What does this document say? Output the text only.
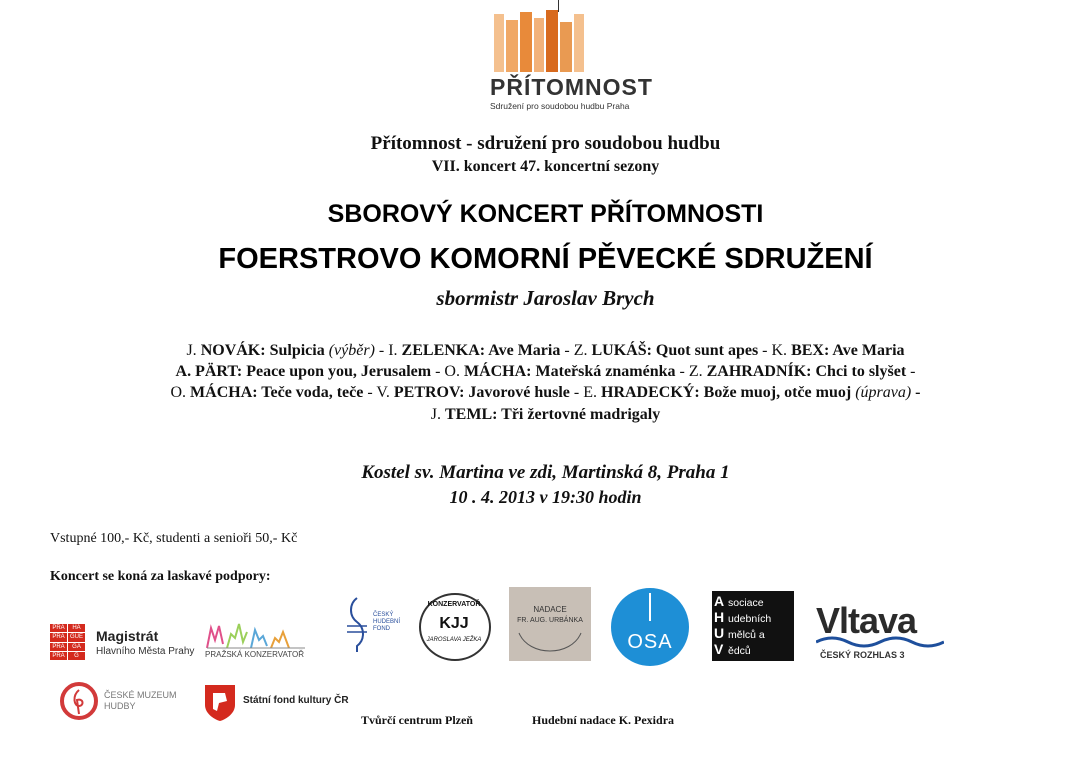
PŘÍTOMNOST
Sdružení pro soudobou hudbu Praha
Přítomnost - sdružení pro soudobou hudbu
VII. koncert 47. koncertní sezony
SBOROVÝ KONCERT PŘÍTOMNOSTI
FOERSTROVO KOMORNÍ PĚVECKÉ SDRUŽENÍ
sbormistr Jaroslav Brych
J. NOVÁK: Sulpicia (výběr) - I. ZELENKA: Ave Maria - Z. LUKÁŠ: Quot sunt apes - K. BEX: Ave Maria
A. PÄRT: Peace upon you, Jerusalem - O. MÁCHA: Mateřská znaménka - Z. ZAHRADNÍK: Chci to slyšet -
O. MÁCHA: Teče voda, teče - V. PETROV: Javorové husle - E. HRADECKÝ: Bože muoj, otče muoj (úprava) -
J. TEML: Tři žertovné madrigaly
Kostel sv. Martina ve zdi, Martinská 8, Praha 1
10 . 4. 2013 v 19:30 hodin
Vstupné 100,- Kč, studenti a senioři 50,- Kč
Koncert se koná za laskavé podpory:
PRA	HA
PRA GUE
PRA	GA
PRA	G
Magistrát
Hlavního Města Prahy PRAŽSKÁ KONZERVATOŘ
ČESKÝ HUDEBNÍ FOND
KONZERVATOŘ
KJJ
JAROSLAVA JEŽKA
NADACE
FR. AUG. URBÁNKA
OSA
A
H
U
V
sociace
udebních
mělců a
ědců
Vltava
ČESKÝ ROZHLAS 3
ČESKÉ MUZEUM
HUDBY	Státní fond kultury ČR
Tvůrčí centrum Plzeň	Hudební nadace K. Pexidra
